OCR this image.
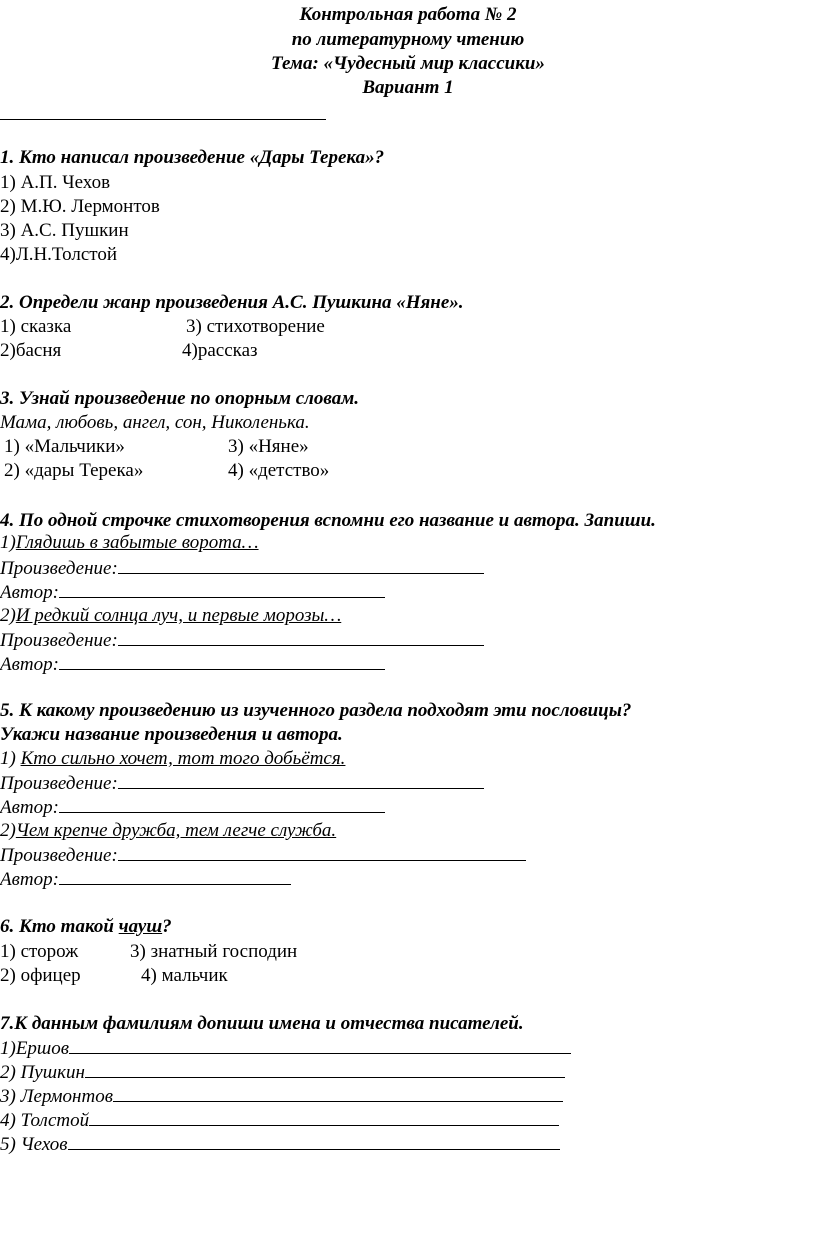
Контрольная работа № 2
по литературному чтению
Тема: «Чудесный мир классики»
Вариант 1
1. Кто написал произведение «Дары Терека»?
1) А.П. Чехов
2) М.Ю. Лермонтов
3) А.С. Пушкин
4)Л.Н.Толстой
2. Определи жанр произведения А.С. Пушкина «Няне».
1) сказка	3) стихотворение
2)басня	4)рассказ
3. Узнай произведение по опорным словам.
Мама, любовь, ангел, сон, Николенька.
1) «Мальчики»	3) «Няне»
2) «дары Терека»	4) «детство»
4. По одной строчке стихотворения вспомни его название и автора. Запиши.
1)Глядишь в забытые ворота…
Произведение:
Автор:
2)И редкий солнца луч, и первые морозы…
Произведение:
Автор:
5. К какому произведению из изученного раздела подходят эти пословицы?
Укажи название произведения и автора.
1) Кто сильно хочет, тот того добьётся.
Произведение:
Автор:
2)Чем крепче дружба, тем легче служба.
Произведение:
Автор:
6. Кто такой чауш?
1) сторож	3) знатный господин
2) офицер	4) мальчик
7.К данным фамилиям допиши имена и отчества писателей.
1)Ершов
2) Пушкин
3) Лермонтов
4) Толстой
5) Чехов
